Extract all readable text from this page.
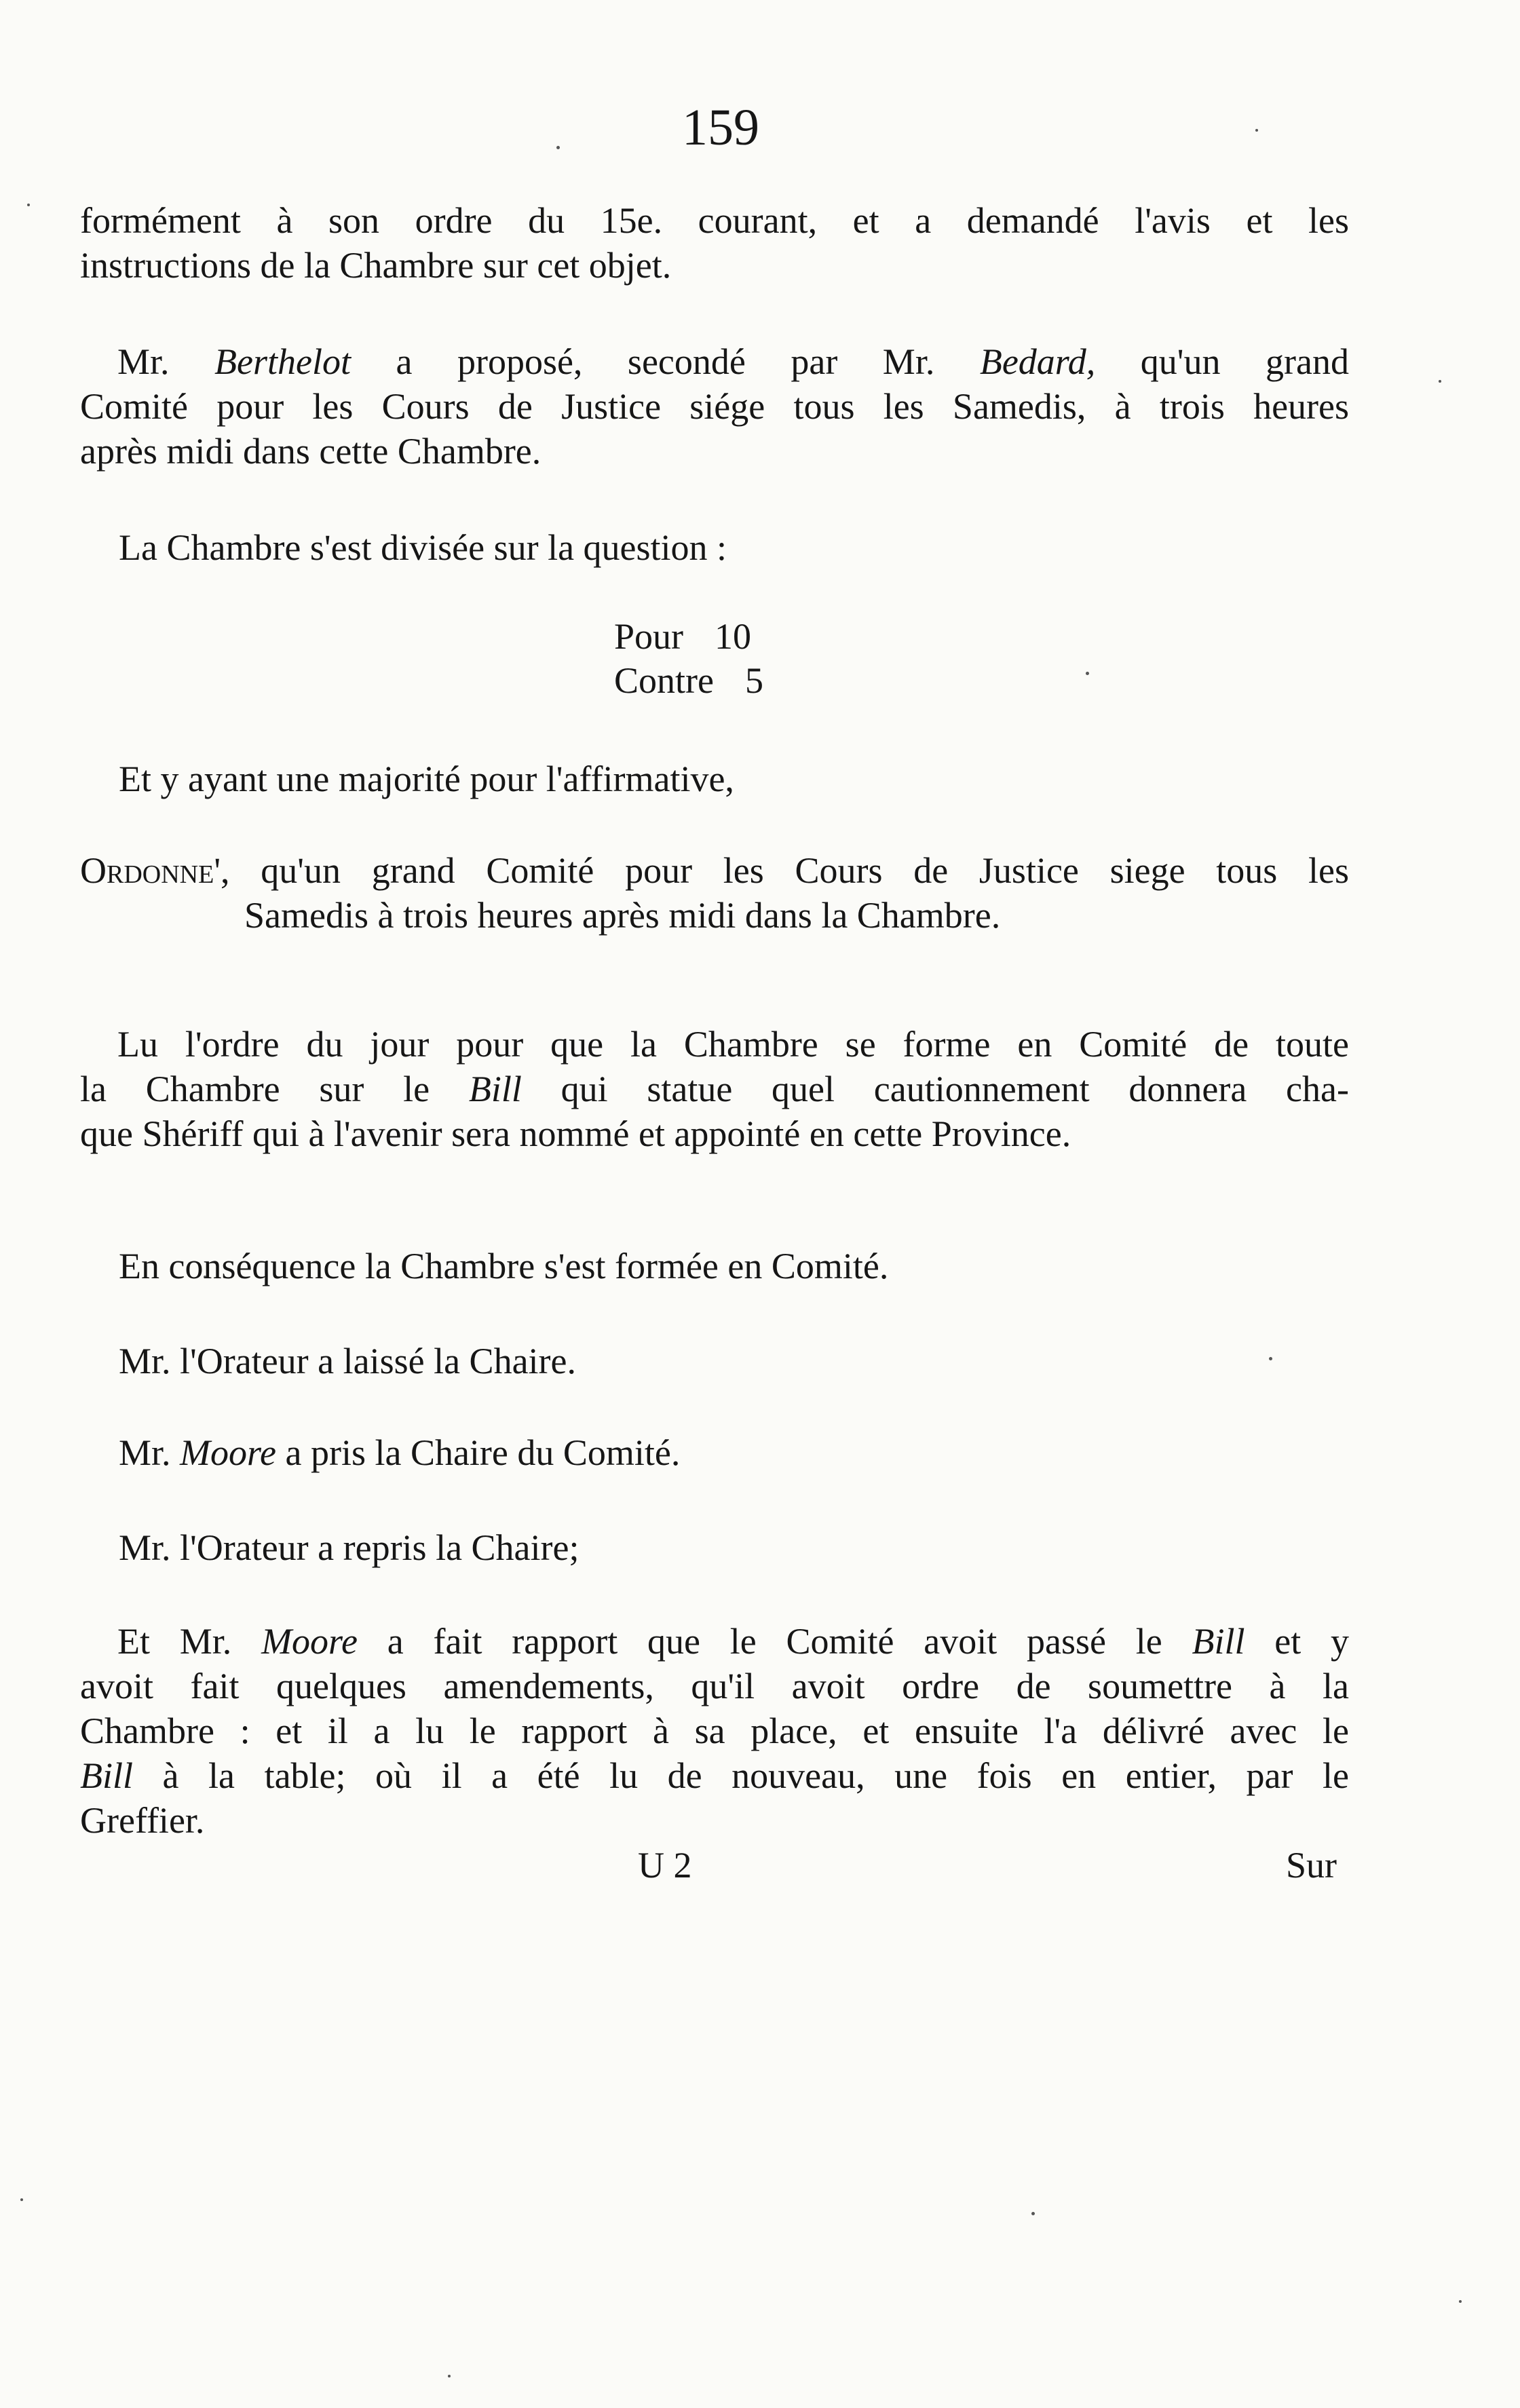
159
formément à son ordre du 15e. courant, et a demandé l'avis et les
instructions de la Chambre sur cet objet.
Mr. Berthelot a proposé, secondé par Mr. Bedard, qu'un grand
Comité pour les Cours de Justice siége tous les Samedis, à trois heures
après midi dans cette Chambre.
La Chambre s'est divisée sur la question :
Pour 10
Contre 5
Et y ayant une majorité pour l'affirmative,
Ordonne', qu'un grand Comité pour les Cours de Justice siege tous les
Samedis à trois heures après midi dans la Chambre.
Lu l'ordre du jour pour que la Chambre se forme en Comité de toute
la Chambre sur le Bill qui statue quel cautionnement donnera cha-
que Shériff qui à l'avenir sera nommé et appointé en cette Province.
En conséquence la Chambre s'est formée en Comité.
Mr. l'Orateur a laissé la Chaire.
Mr. Moore a pris la Chaire du Comité.
Mr. l'Orateur a repris la Chaire;
Et Mr. Moore a fait rapport que le Comité avoit passé le Bill et y
avoit fait quelques amendements, qu'il avoit ordre de soumettre à la
Chambre : et il a lu le rapport à sa place, et ensuite l'a délivré avec le
Bill à la table; où il a été lu de nouveau, une fois en entier, par le
Greffier.
U 2	Sur
